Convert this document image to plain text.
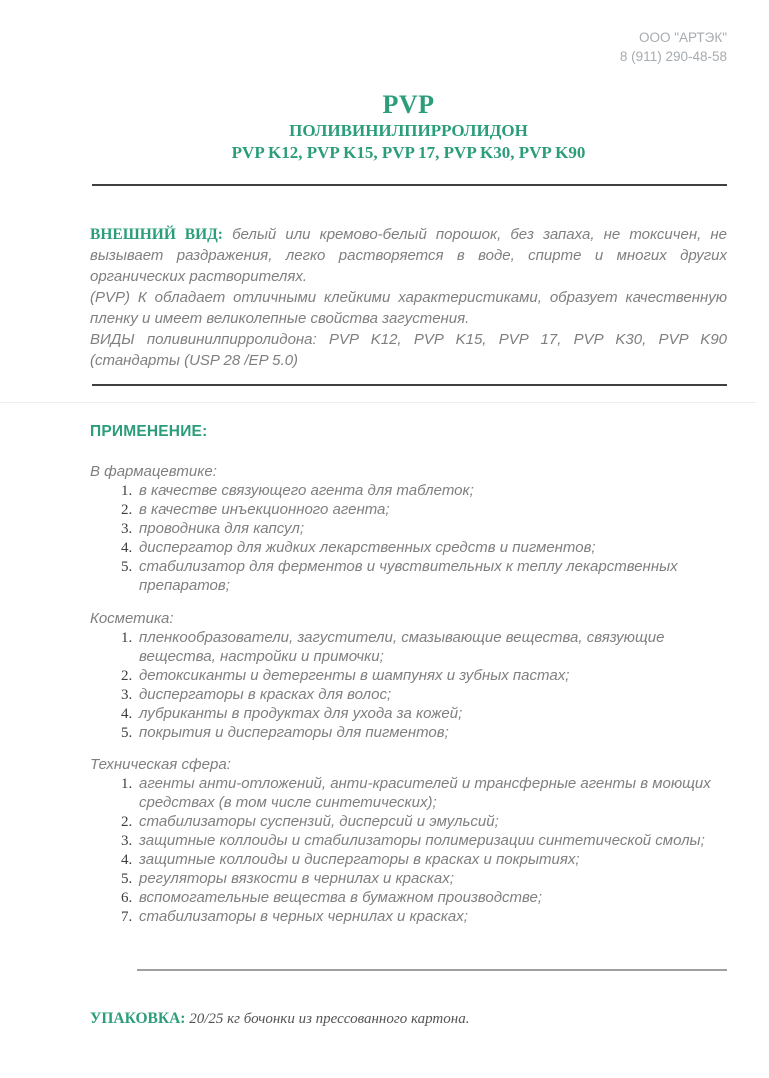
ООО "АРТЭК"
8 (911) 290-48-58
PVP
ПОЛИВИНИЛПИРРОЛИДОН
PVP K12, PVP K15, PVP 17, PVP K30, PVP K90

ВНЕШНИЙ ВИД: белый или кремово-белый порошок, без запаха, не токсичен, не вызывает раздражения, легко растворяется в воде, спирте и многих других органических растворителях.

(PVP) К обладает отличными клейкими характеристиками, образует качественную пленку и имеет великолепные свойства загустения.

ВИДЫ поливинилпирролидона: PVP K12, PVP K15, PVP 17, PVP K30, PVP K90 (стандарты (USP 28 /EP 5.0)

ПРИМЕНЕНИЕ:
В фармацевтике:
1. в качестве связующего агента для таблеток;
2. в качестве инъекционного агента;
3. проводника для капсул;
4. диспергатор для жидких лекарственных средств и пигментов;
5. стабилизатор для ферментов и чувствительных к теплу лекарственных препаратов;
Косметика:
1. пленкообразователи, загустители, смазывающие вещества, связующие вещества, настройки и примочки;
2. детоксиканты и детергенты в шампунях и зубных пастах;
3. диспергаторы в красках для волос;
4. лубриканты в продуктах для ухода за кожей;
5. покрытия и диспергаторы для пигментов;
Техническая сфера:
1. агенты анти-отложений, анти-красителей и трансферные агенты в моющих средствах (в том числе синтетических);
2. стабилизаторы суспензий, дисперсий и эмульсий;
3. защитные коллоиды и стабилизаторы полимеризации синтетической смолы;
4. защитные коллоиды и диспергаторы в красках и покрытиях;
5. регуляторы вязкости в чернилах и красках;
6. вспомогательные вещества в бумажном производстве;
7. стабилизаторы в черных чернилах и красках;
УПАКОВКА: 20/25 кг бочонки из прессованного картона.
